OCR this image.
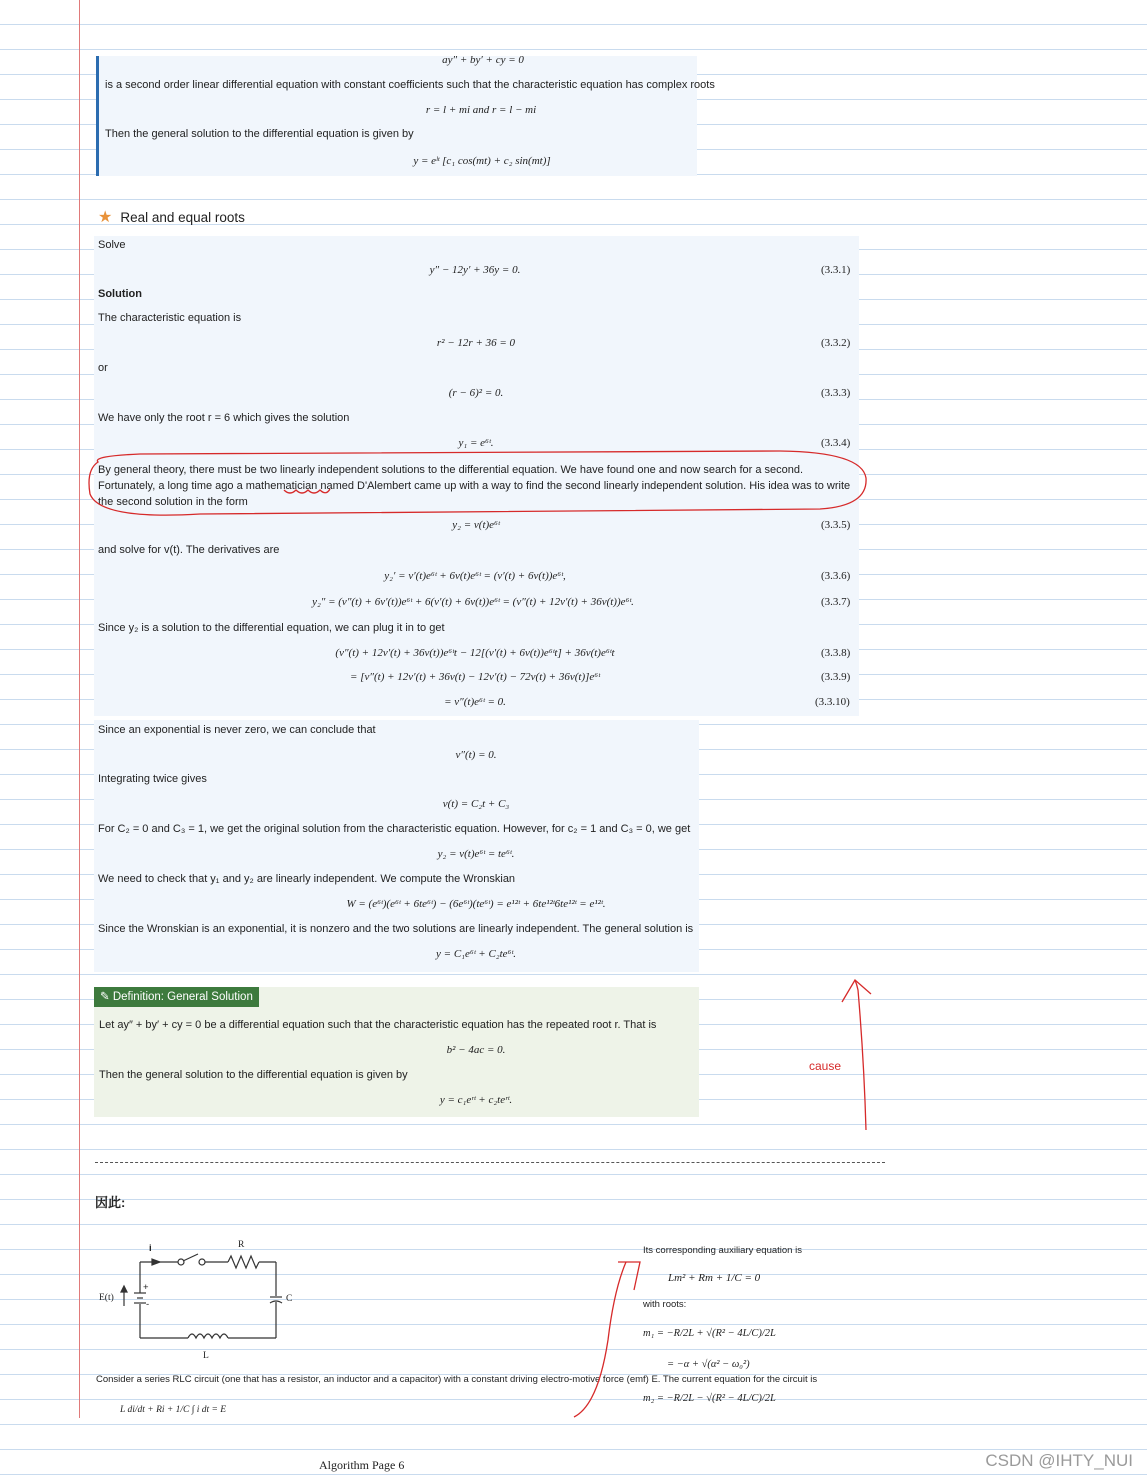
ay″ + by′ + cy = 0
is a second order linear differential equation with constant coefficients such that the characteristic equation has complex roots
r = l + mi and r = l − mi
Then the general solution to the differential equation is given by
y = eˡᵗ [c₁ cos(mt) + c₂ sin(mt)]
★ Real and equal roots
Solve
y″ − 12y′ + 36y = 0.	(3.3.1)
Solution
The characteristic equation is
r² − 12r + 36 = 0	(3.3.2)
or
(r − 6)² = 0.	(3.3.3)
We have only the root r = 6 which gives the solution
y₁ = e⁶ᵗ.	(3.3.4)
By general theory, there must be two linearly independent solutions to the differential equation. We have found one and now search for a second. Fortunately, a long time ago a mathematician named D'Alembert came up with a way to find the second linearly independent solution. His idea was to write the second solution in the form
y₂ = v(t)e⁶ᵗ	(3.3.5)
and solve for v(t). The derivatives are
y₂′ = v′(t)e⁶ᵗ + 6v(t)e⁶ᵗ = (v′(t) + 6v(t))e⁶ᵗ,	(3.3.6)
y₂″ = (v″(t) + 6v′(t))e⁶ᵗ + 6(v′(t) + 6v(t))e⁶ᵗ = (v″(t) + 12v′(t) + 36v(t))e⁶ᵗ.	(3.3.7)
Since y₂ is a solution to the differential equation, we can plug it in to get
(v″(t) + 12v′(t) + 36v(t))e⁶ᵗt − 12[(v′(t) + 6v(t))e⁶ᵗt] + 36v(t)e⁶ᵗt	(3.3.8)
= [v″(t) + 12v′(t) + 36v(t) − 12v′(t) − 72v(t) + 36v(t)]e⁶ᵗ	(3.3.9)
= v″(t)e⁶ᵗ = 0.	(3.3.10)
Since an exponential is never zero, we can conclude that
v″(t) = 0.
Integrating twice gives
v(t) = C₂t + C₃
For C₂ = 0 and C₃ = 1, we get the original solution from the characteristic equation. However, for c₂ = 1 and C₃ = 0, we get
y₂ = v(t)e⁶ᵗ = te⁶ᵗ.
We need to check that y₁ and y₂ are linearly independent. We compute the Wronskian
W = (e⁶ᵗ)(e⁶ᵗ + 6te⁶ᵗ) − (6e⁶ᵗ)(te⁶ᵗ) = e¹²ᵗ + 6te¹²ᵗ6te¹²ᵗ = e¹²ᵗ.
Since the Wronskian is an exponential, it is nonzero and the two solutions are linearly independent. The general solution is
y = C₁e⁶ᵗ + C₂te⁶ᵗ.
✎ Definition: General Solution
Let ay″ + by′ + cy = 0 be a differential equation such that the characteristic equation has the repeated root r. That is
b² − 4ac = 0.
Then the general solution to the differential equation is given by
y = c₁eʳᵗ + c₂teʳᵗ.
cause
因此:
i	R
C
L
E(t)
+
-
Consider a series RLC circuit (one that has a resistor, an inductor and a capacitor) with a constant driving electro-motive force (emf) E. The current equation for the circuit is
L di/dt + Ri + 1/C ∫ i dt = E
Its corresponding auxiliary equation is
Lm² + Rm + 1/C = 0
with roots:
m₁ = −R/2L + √(R² − 4L/C)/2L
= −α + √(α² − ω₀²)
m₂ = −R/2L − √(R² − 4L/C)/2L
Algorithm Page 6	CSDN @IHTY_NUI
